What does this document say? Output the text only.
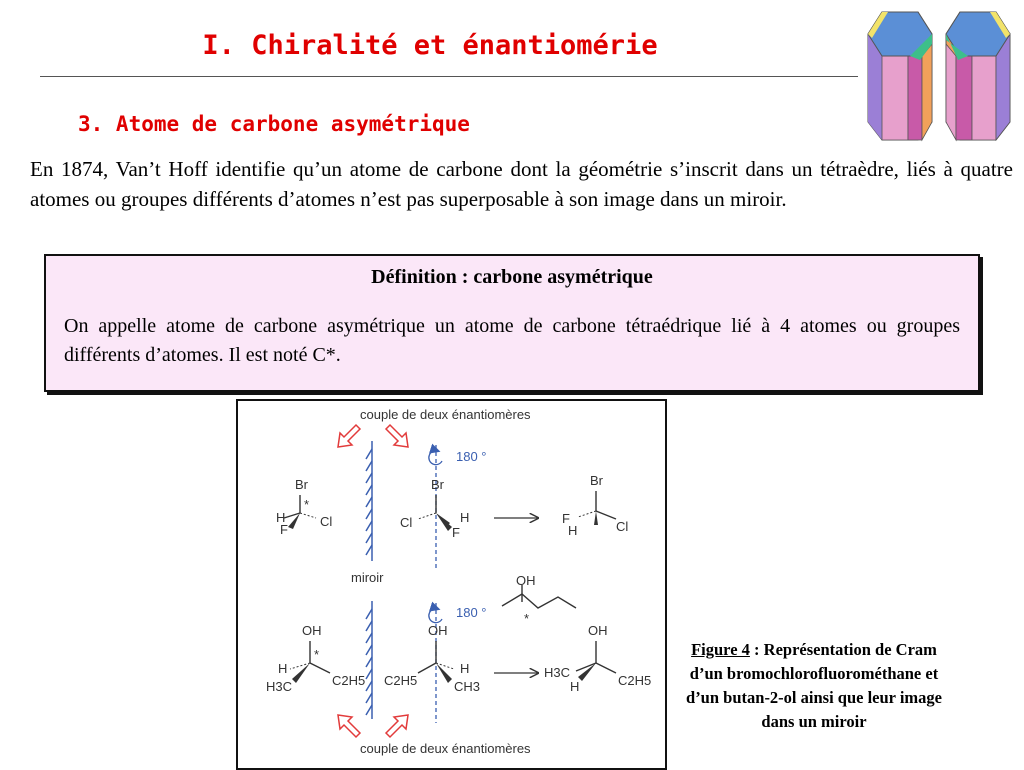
I. Chiralité et énantiomérie
3. Atome de carbone asymétrique

En 1874, Van’t Hoff identifie qu’un atome de carbone dont la géométrie s’inscrit dans un tétraèdre, liés à quatre atomes ou groupes différents d’atomes n’est pas superposable à son image dans un miroir.

Définition : carbone asymétrique

On appelle atome de carbone asymétrique un atome de carbone tétraédrique lié à 4 atomes ou groupes différents d’atomes. Il est noté C*.

couple de deux énantiomères
couple de deux énantiomères
miroir
180 °
180 °
Br
H
F
Cl
*
Br
Cl	H
F
Br
F
H	Cl
OH
*
OH
H
H3C	C2H5
*
OH
C2H5
H
CH3
OH
H3C
H	C2H5
Figure 4 : Représentation de Cram d’un bromochlorofluorométhane et d’un butan-2-ol ainsi que leur image dans un miroir
